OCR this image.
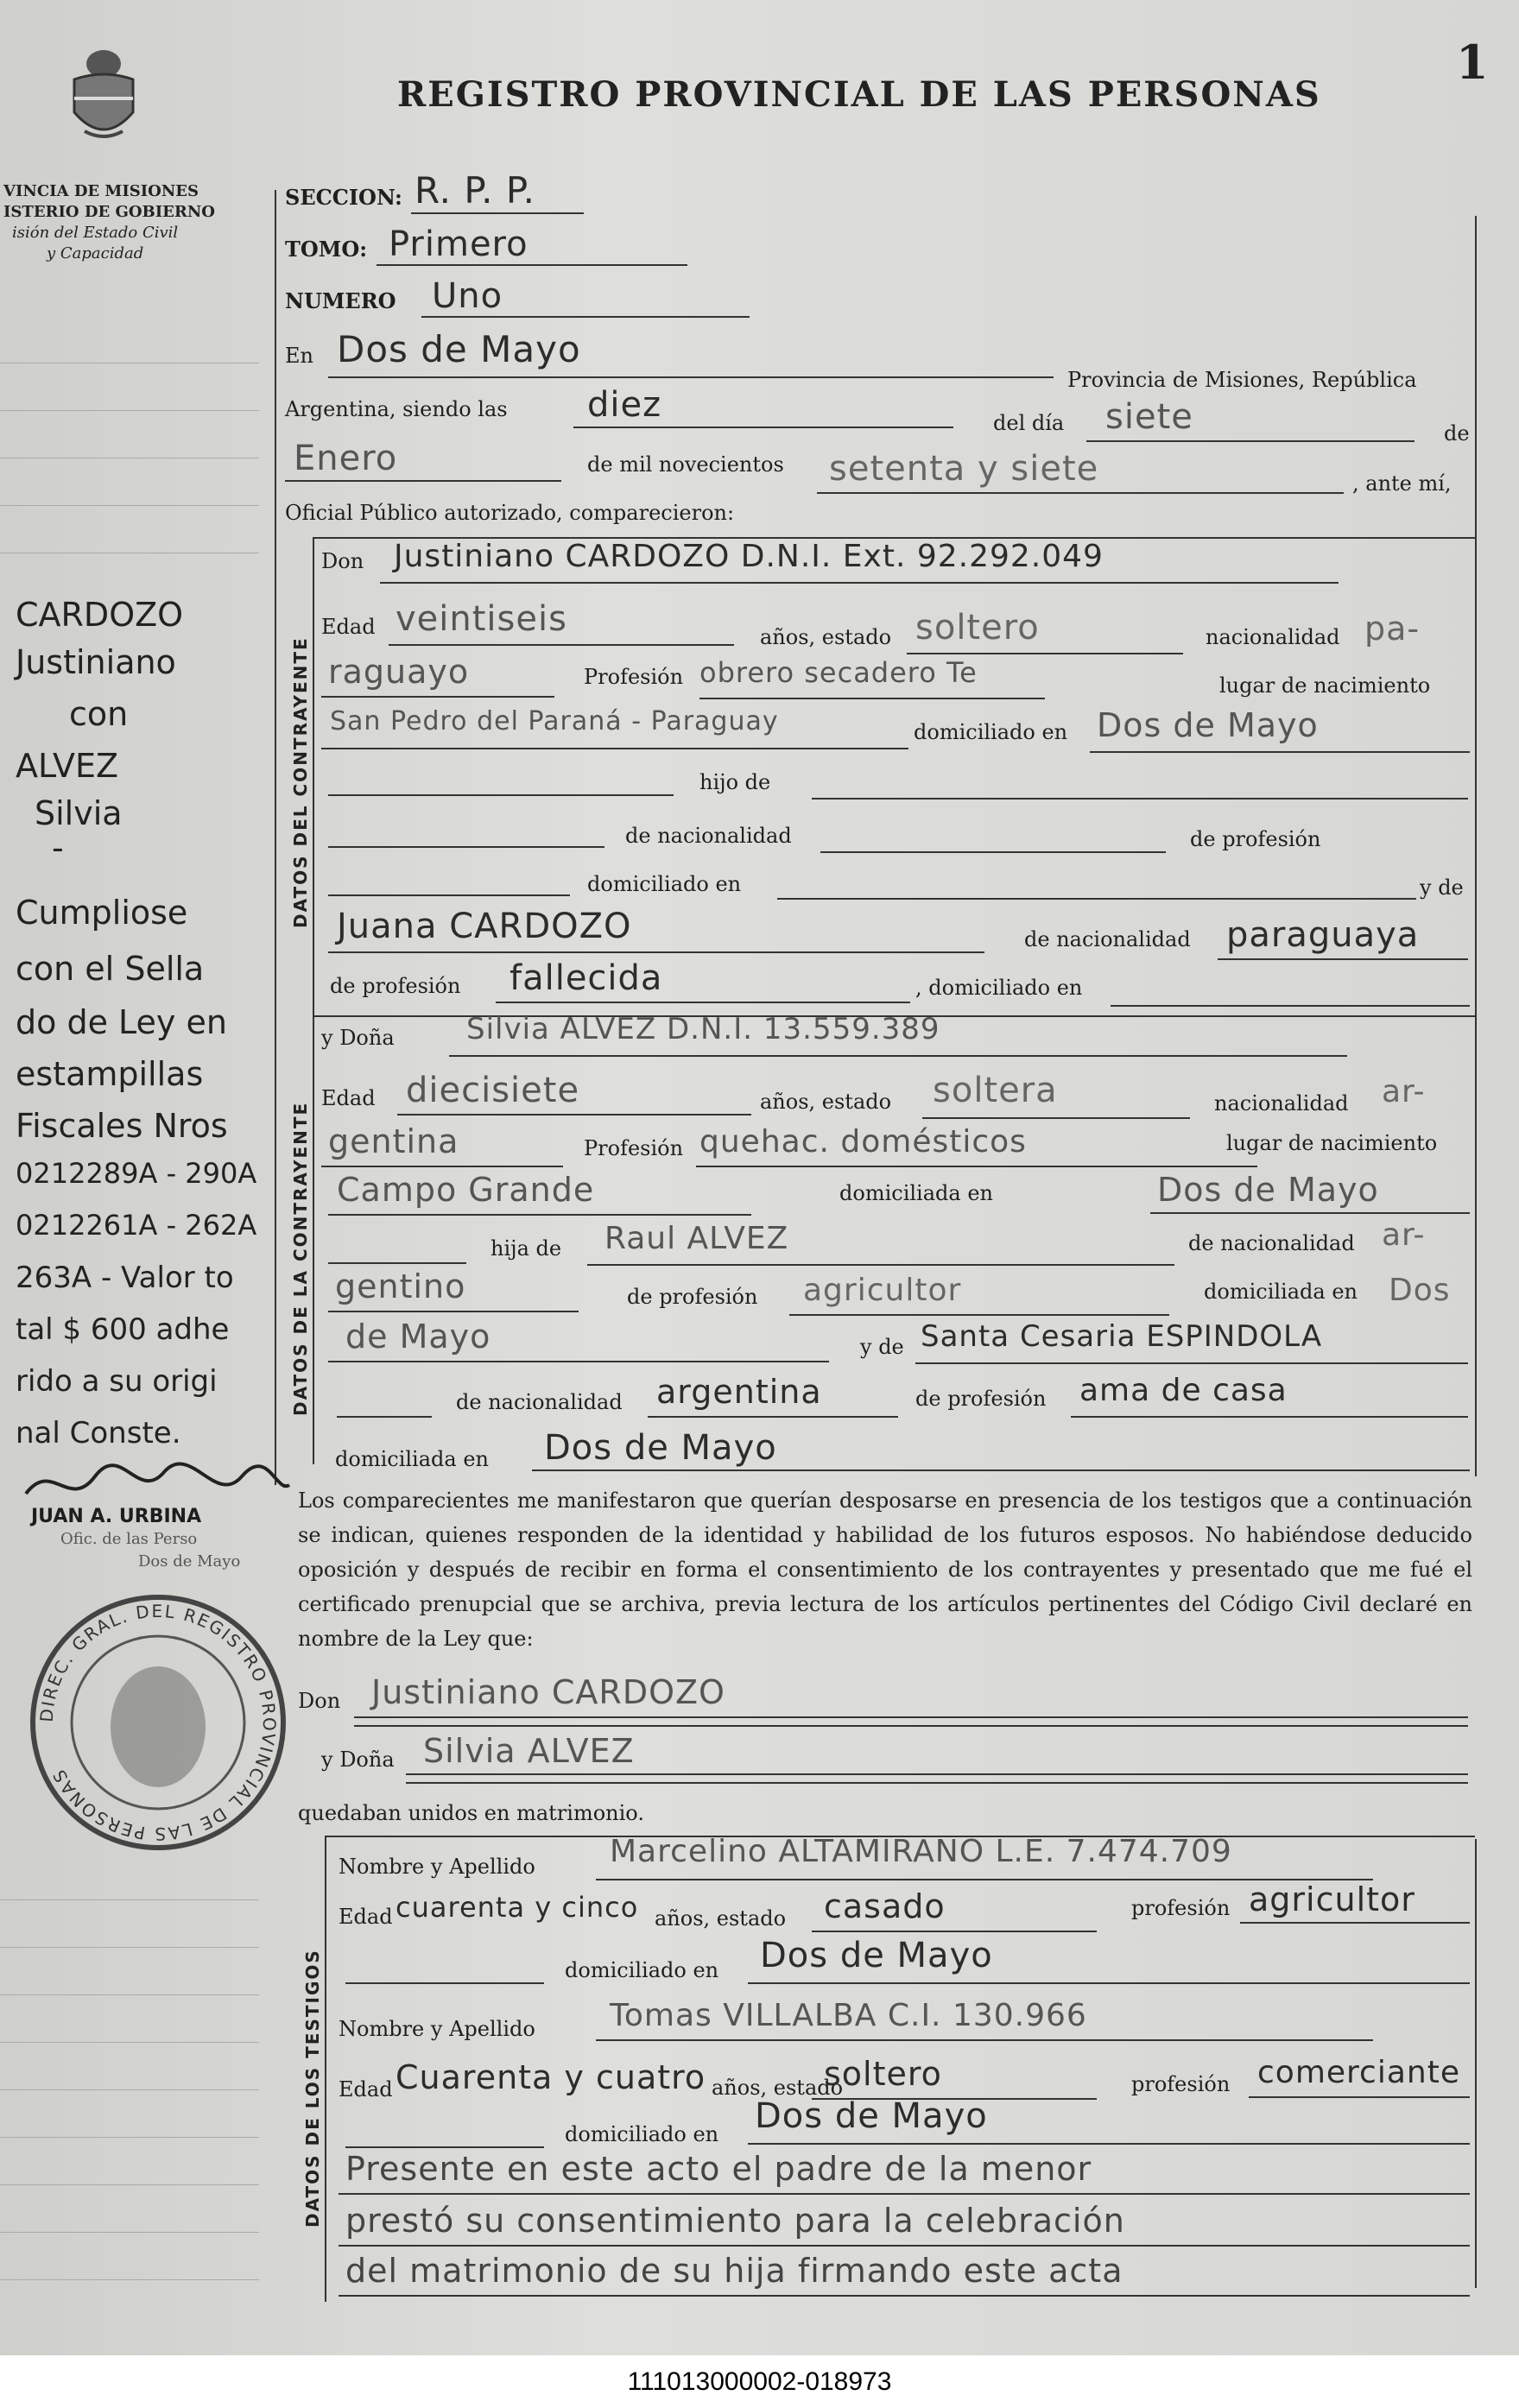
REGISTRO PROVINCIAL DE LAS PERSONAS
1
VINCIA DE MISIONES
ISTERIO DE GOBIERNO
isión del Estado Civil
y Capacidad
CARDOZO
Justiniano
con
ALVEZ
Silvia
-
Cumpliose
con el Sella
do de Ley en
estampillas
Fiscales Nros
0212289A - 290A
0212261A - 262A
263A - Valor to
tal $ 600 adhe
rido a su origi
nal Conste.
JUAN A. URBINA
Ofic. de las Perso
Dos de Mayo
DIREC. GRAL. DEL REGISTRO PROVINCIAL DE LAS PERSONAS
SECCION: R. P. P.
TOMO: Primero
NUMERO Uno
En Dos de Mayo
Provincia de Misiones, República
Argentina, siendo las diez	del día siete	de
Enero	de mil novecientos setenta y siete	, ante mí,
Oficial Público autorizado, comparecieron:
DATOS DEL CONTRAYENTE
Don Justiniano CARDOZO D.N.I. Ext. 92.292.049
Edad veintiseis	años, estado soltero	nacionalidad pa-
raguayo	Profesión obrero secadero Te	lugar de nacimiento
San Pedro del Paraná - Paraguay	domiciliado en Dos de Mayo
hijo de
de nacionalidad	de profesión
domiciliado en	y de
Juana CARDOZO	de nacionalidad paraguaya
de profesión fallecida	, domiciliado en
DATOS DE LA CONTRAYENTE
y Doña Silvia ALVEZ D.N.I. 13.559.389
Edad diecisiete	años, estado soltera	nacionalidad ar-
gentina	Profesión quehac. domésticos	lugar de nacimiento
Campo Grande	domiciliada en	Dos de Mayo
hija de Raul ALVEZ	de nacionalidad ar-
gentino	de profesión agricultor	domiciliada en Dos
de Mayo	y de Santa Cesaria ESPINDOLA
de nacionalidad argentina	de profesión ama de casa
domiciliada en Dos de Mayo

Los comparecientes me manifestaron que querían desposarse en presencia de los testigos que a continuación se indican, quienes responden de la identidad y habilidad de los futuros esposos. No habiéndose deducido oposición y después de recibir en forma el consentimiento de los contrayentes y presentado que me fué el certificado prenupcial que se archiva, previa lectura de los artículos pertinentes del Código Civil declaré en nombre de la Ley que:

Don Justiniano CARDOZO
y Doña Silvia ALVEZ
quedaban unidos en matrimonio.
DATOS DE LOS TESTIGOS
Nombre y Apellido Marcelino ALTAMIRANO L.E. 7.474.709
Edad cuarenta y cinco años, estado casado	profesión agricultor
domiciliado en Dos de Mayo
Nombre y Apellido Tomas VILLALBA C.I. 130.966
Edad Cuarenta y cuatro años, estado
soltero	profesión comerciante
domiciliado en Dos de Mayo
Presente en este acto el padre de la menor
prestó su consentimiento para la celebración
del matrimonio de su hija firmando este acta
111013000002-018973
